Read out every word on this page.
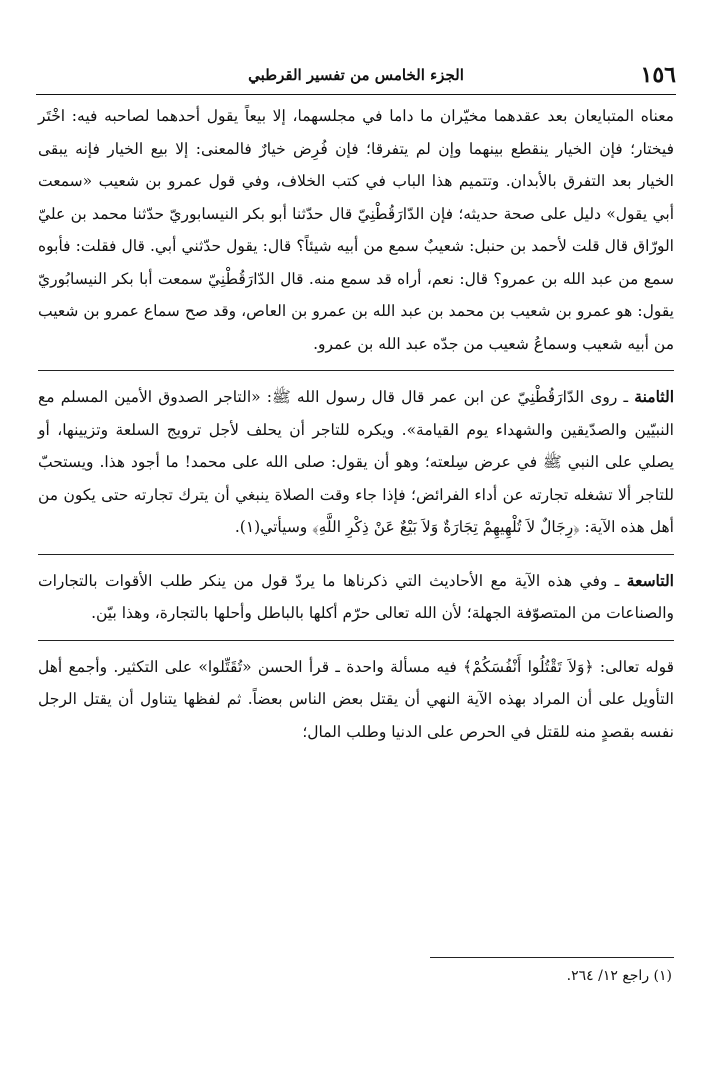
١٥٦
الجزء الخامس من تفسير القرطبي

معناه المتبايعان بعد عقدهما مخيّران ما داما في مجلسهما، إلا بيعاً يقول أحدهما لصاحبه فيه: اخْتَر فيختار؛ فإن الخيار ينقطع بينهما وإن لم يتفرقا؛ فإن فُرِض خيارٌ فالمعنى: إلا بيع الخيار فإنه يبقى الخيار بعد التفرق بالأبدان. وتتميم هذا الباب في كتب الخلاف، وفي قول عمرو بن شعيب «سمعت أبي يقول» دليل على صحة حديثه؛ فإن الدّارَقُطْنِيّ قال حدّثنا أبو بكر النيسابوريّ حدّثنا محمد بن عليّ الورّاق قال قلت لأحمد بن حنبل: شعيبٌ سمع من أبيه شيئاً؟ قال: يقول حدّثني أبي. قال فقلت: فأبوه سمع من عبد الله بن عمرو؟ قال: نعم، أراه قد سمع منه. قال الدّارَقُطْنِيّ سمعت أبا بكر النيسابُوريّ يقول: هو عمرو بن شعيب بن محمد بن عبد الله بن عمرو بن العاص، وقد صح سماع عمرو بن شعيب من أبيه شعيب وسماعُ شعيب من جدّه عبد الله بن عمرو.

الثامنة ـ روى الدّارَقُطْنِيّ عن ابن عمر قال قال رسول الله ﷺ: «التاجر الصدوق الأمين المسلم مع النبيّين والصدّيقين والشهداء يوم القيامة». ويكره للتاجر أن يحلف لأجل ترويج السلعة وتزيينها، أو يصلي على النبي ﷺ في عرض سِلعته؛ وهو أن يقول: صلى الله على محمد! ما أجود هذا. ويستحبّ للتاجر ألا تشغله تجارته عن أداء الفرائض؛ فإذا جاء وقت الصلاة ينبغي أن يترك تجارته حتى يكون من أهل هذه الآية: ﴿رِجَالٌ لاَ تُلْهِيهِمْ تِجَارَةٌ وَلاَ بَيْعٌ عَنْ ذِكْرِ اللَّهِ﴾ وسيأتي(١).

التاسعة ـ وفي هذه الآية مع الأحاديث التي ذكرناها ما يردّ قول من ينكر طلب الأقوات بالتجارات والصناعات من المتصوّفة الجهلة؛ لأن الله تعالى حرّم أكلها بالباطل وأحلها بالتجارة، وهذا بيّن.

قوله تعالى: ﴿وَلاَ تَقْتُلُوا أَنْفُسَكُمْ﴾ فيه مسألة واحدة ـ قرأ الحسن «تُقَتِّلوا» على التكثير. وأجمع أهل التأويل على أن المراد بهذه الآية النهي أن يقتل بعض الناس بعضاً. ثم لفظها يتناول أن يقتل الرجل نفسه بقصدٍ منه للقتل في الحرص على الدنيا وطلب المال؛

(١) راجع ١٢/ ٢٦٤.
